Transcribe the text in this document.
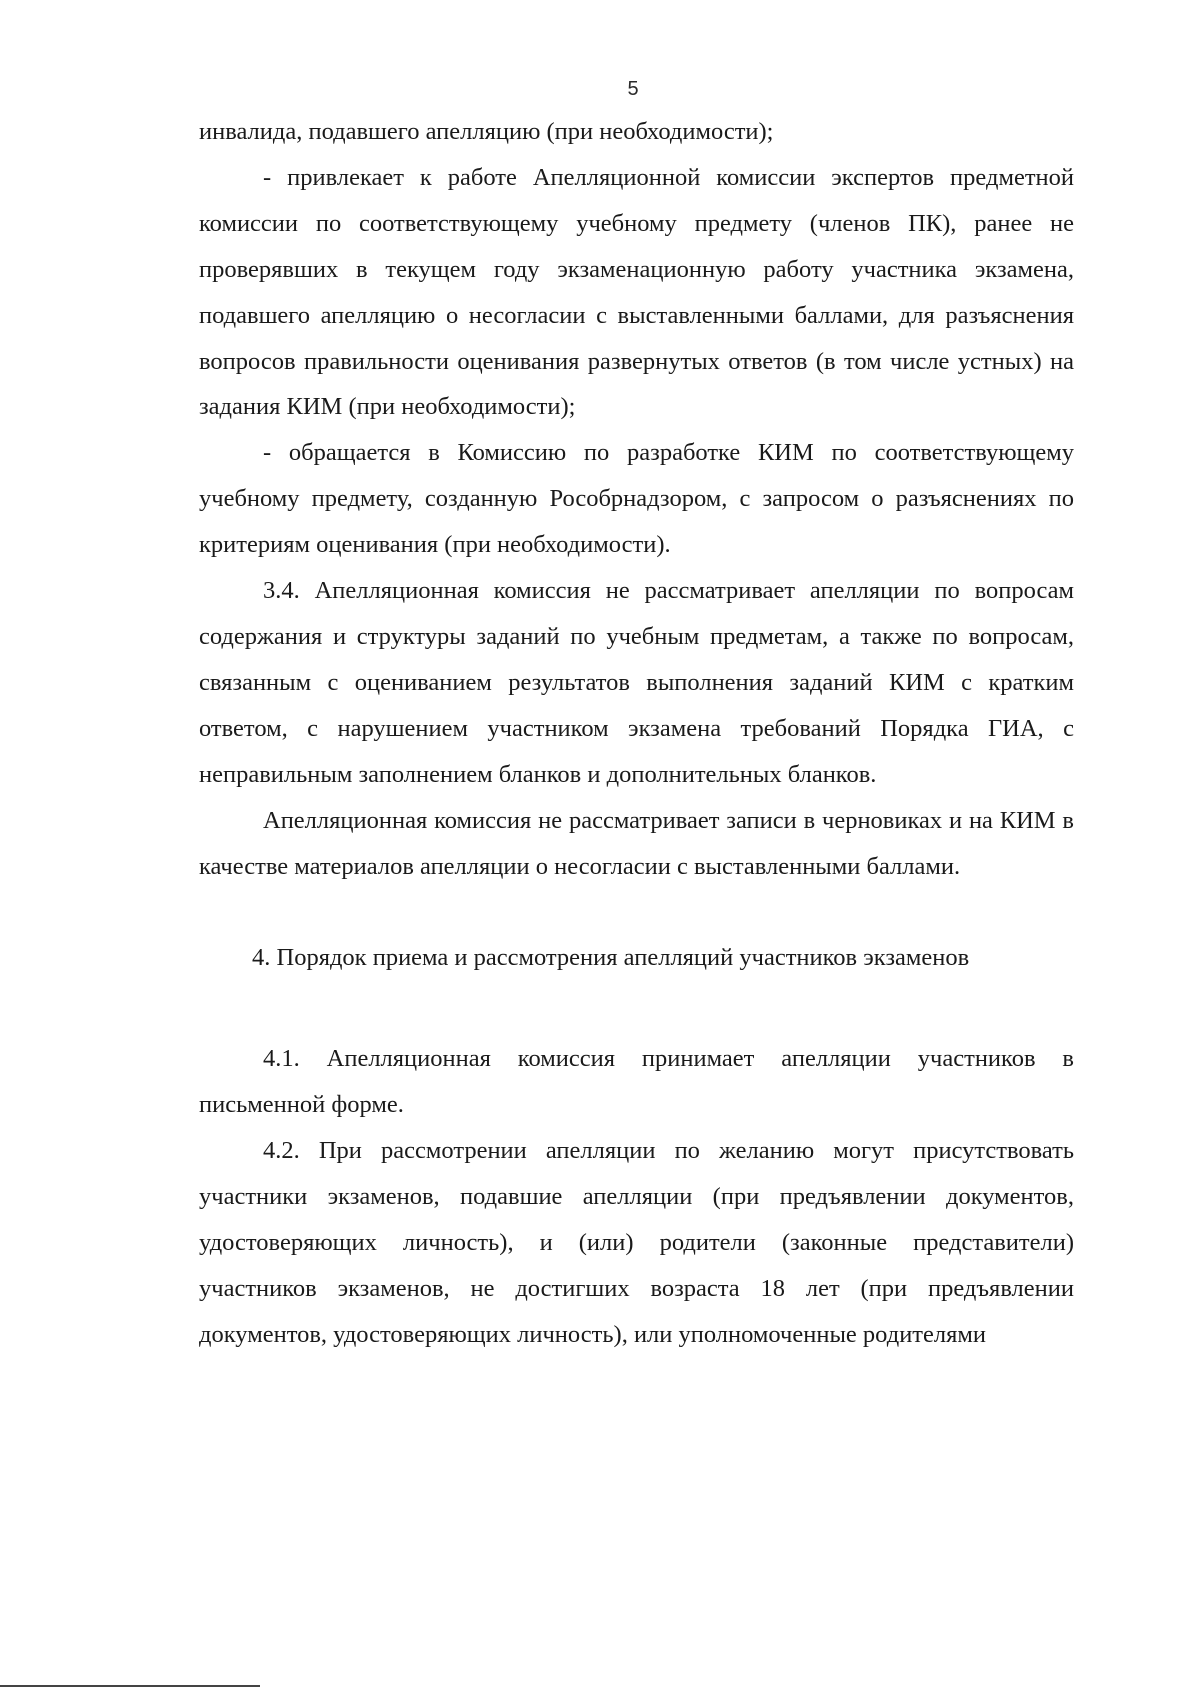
5

инвалида, подавшего апелляцию (при необходимости);

- привлекает к работе Апелляционной комиссии экспертов предметной комиссии по соответствующему учебному предмету (членов ПК), ранее не проверявших в текущем году экзаменационную работу участника экзамена, подавшего апелляцию о несогласии с выставленными баллами, для разъяснения вопросов правильности оценивания развернутых ответов (в том числе устных) на задания КИМ (при необходимости);

- обращается в Комиссию по разработке КИМ по соответствующему учебному предмету, созданную Рособрнадзором, с запросом о разъяснениях по критериям оценивания (при необходимости).

3.4. Апелляционная комиссия не рассматривает апелляции по вопросам содержания и структуры заданий по учебным предметам, а также по вопросам, связанным с оцениванием результатов выполнения заданий КИМ с кратким ответом, с нарушением участником экзамена требований Порядка ГИА, с неправильным заполнением бланков и дополнительных бланков.

Апелляционная комиссия не рассматривает записи в черновиках и на КИМ в качестве материалов апелляции о несогласии с выставленными баллами.

4. Порядок приема и рассмотрения апелляций участников экзаменов

4.1. Апелляционная комиссия принимает апелляции участников в письменной форме.

4.2. При рассмотрении апелляции по желанию могут присутствовать участники экзаменов, подавшие апелляции (при предъявлении документов, удостоверяющих личность), и (или) родители (законные представители) участников экзаменов, не достигших возраста 18 лет (при предъявлении документов, удостоверяющих личность), или уполномоченные родителями
